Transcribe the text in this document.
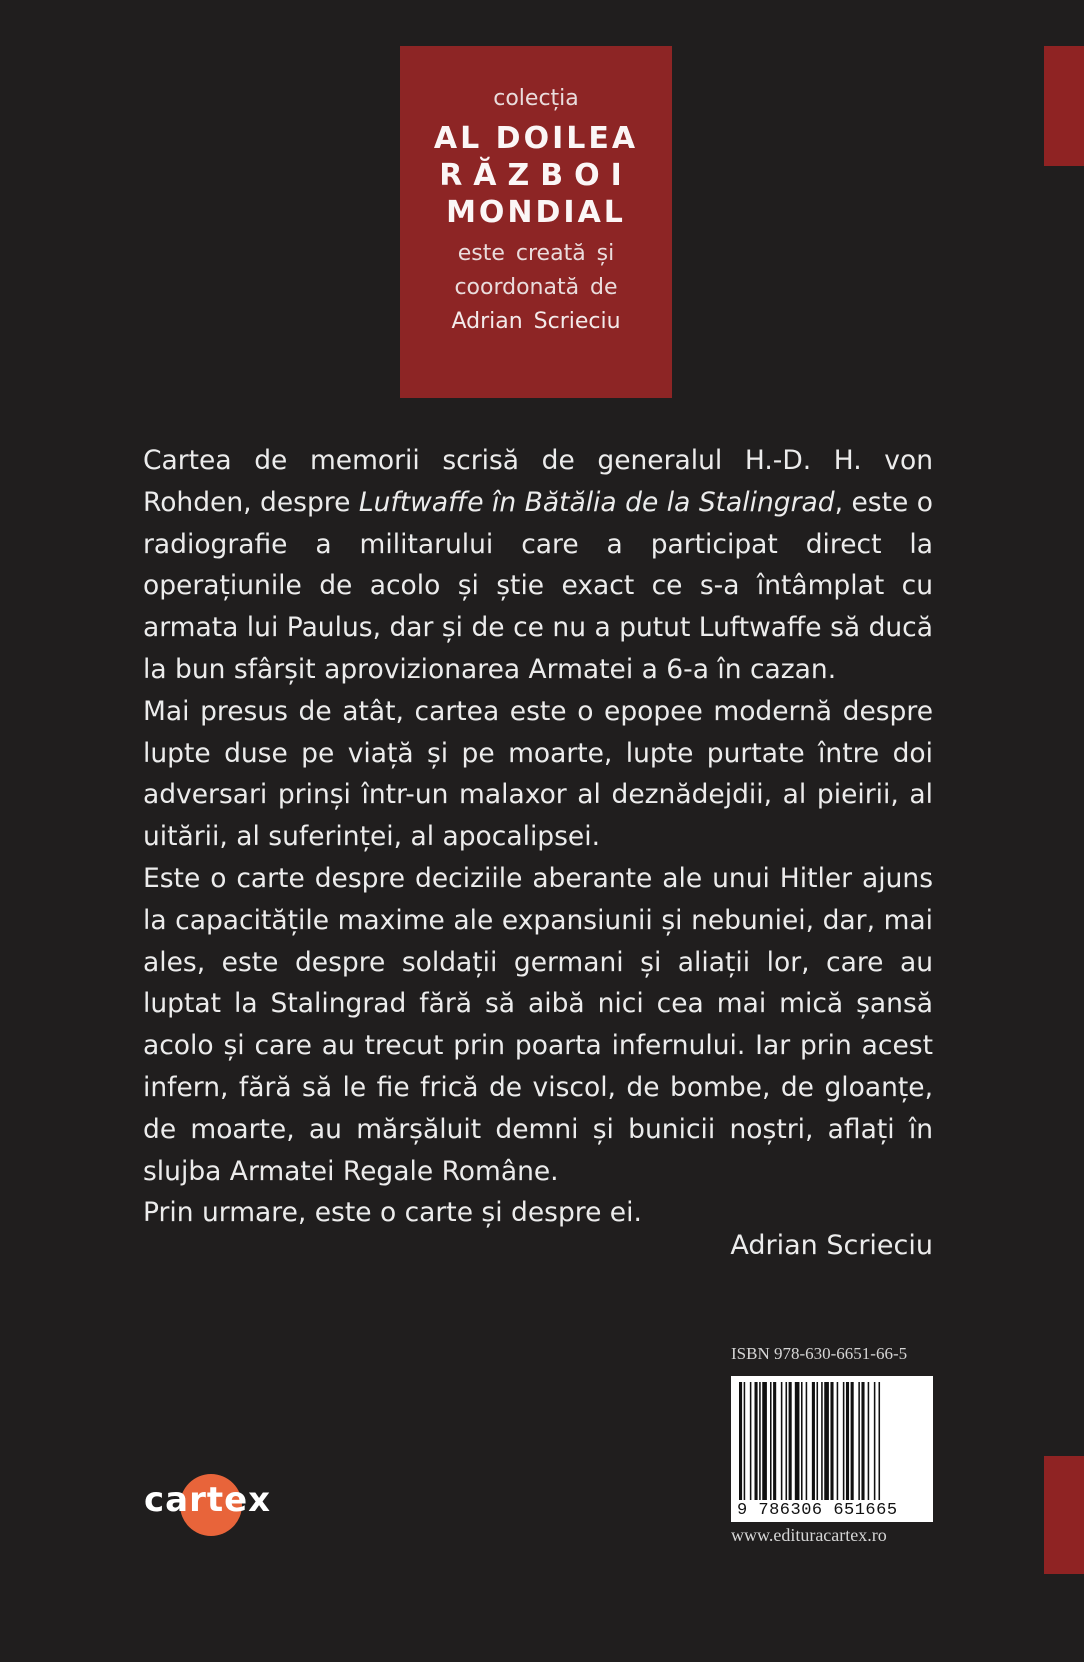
colecția
AL DOILEA
RĂZBOI
MONDIAL
este creată și
coordonată de
Adrian Scrieciu

Cartea de memorii scrisă de generalul H.-D. H. von Rohden, despre Luftwaffe în Bătălia de la Stalingrad, este o radiografie a militarului care a participat direct la operațiunile de acolo și știe exact ce s-a întâmplat cu armata lui Paulus, dar și de ce nu a putut Luftwaffe să ducă la bun sfârșit aprovizionarea Armatei a 6-a în cazan.

Mai presus de atât, cartea este o epopee modernă despre lupte duse pe viață și pe moarte, lupte purtate între doi adversari prinși într-un malaxor al deznădejdii, al pieirii, al uitării, al suferinței, al apocalipsei.

Este o carte despre deciziile aberante ale unui Hitler ajuns la capacitățile maxime ale expansiunii și nebuniei, dar, mai ales, este despre soldații germani și aliații lor, care au luptat la Stalingrad fără să aibă nici cea mai mică șansă acolo și care au trecut prin poarta infernului. Iar prin acest infern, fără să le fie frică de viscol, de bombe, de gloanțe, de moarte, au mărșăluit demni și bunicii noștri, aflați în slujba Armatei Regale Române.

Prin urmare, este o carte și despre ei.

Adrian Scrieciu
ISBN 978-630-6651-66-5
9 786306 651665
www.edituracartex.ro
cartex
